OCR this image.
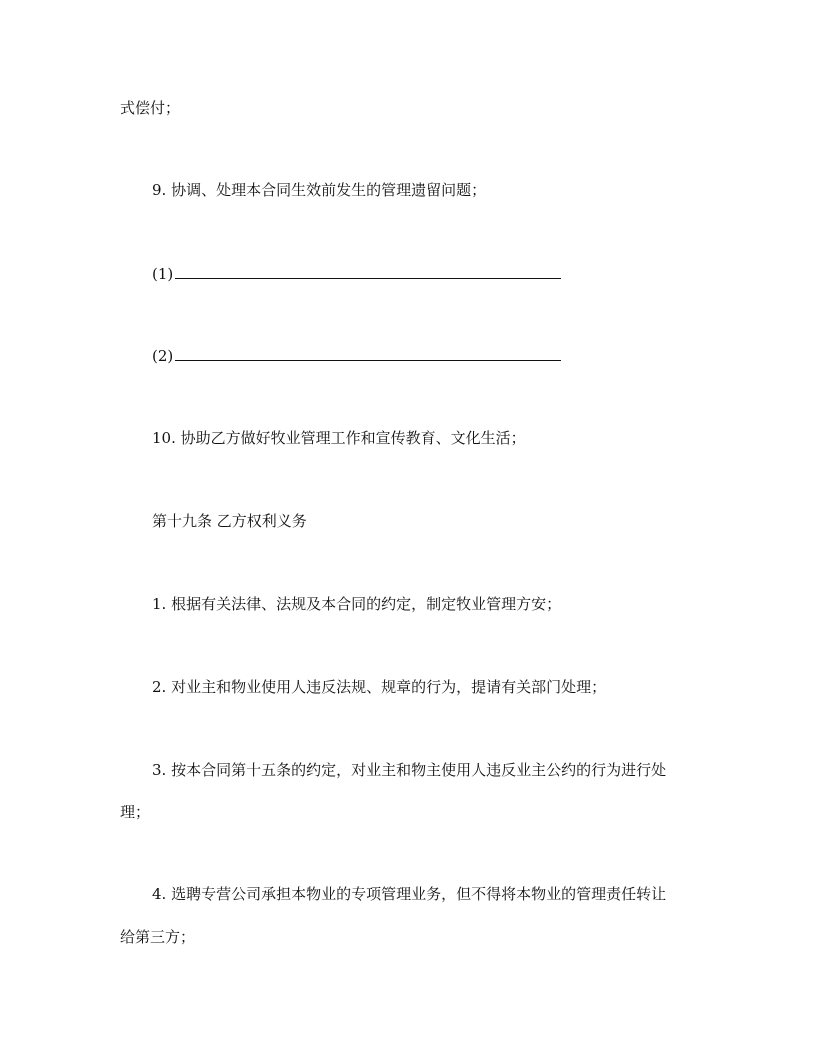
式偿付；
9. 协调、处理本合同生效前发生的管理遗留问题；
(1)
(2)
10. 协助乙方做好牧业管理工作和宣传教育、文化生活；
第十九条 乙方权利义务
1. 根据有关法律、法规及本合同的约定，制定牧业管理方安；
2. 对业主和物业使用人违反法规、规章的行为，提请有关部门处理；
3. 按本合同第十五条的约定，对业主和物主使用人违反业主公约的行为进行处
理；
4. 选聘专营公司承担本物业的专项管理业务，但不得将本物业的管理责任转让
给第三方；
